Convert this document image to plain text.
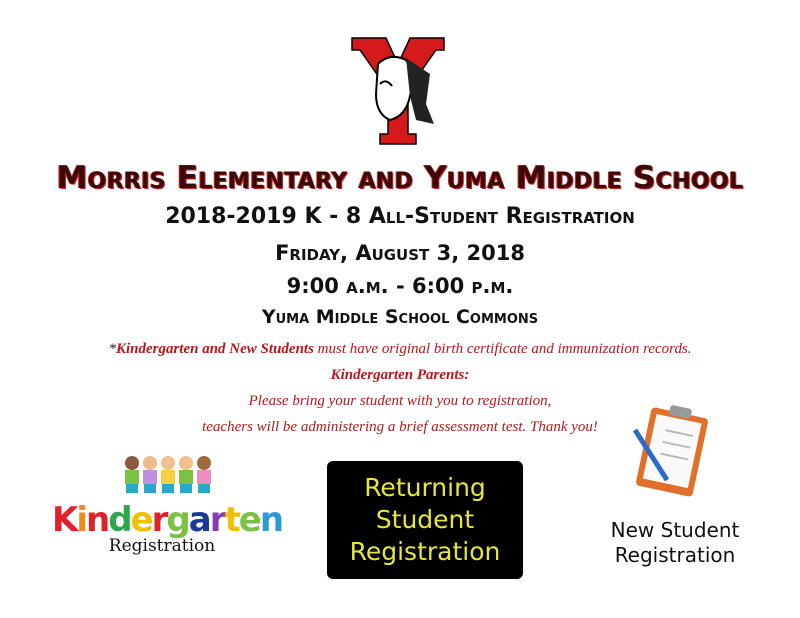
Morris Elementary and Yuma Middle School
2018-2019 K - 8 All-Student Registration
Friday, August 3, 2018
9:00 a.m. - 6:00 p.m.
Yuma Middle School Commons
*Kindergarten and New Students must have original birth certificate and immunization records.
Kindergarten Parents:
Please bring your student with you to registration,
teachers will be administering a brief assessment test. Thank you!
Kindergarten
Registration
Returning
Student
Registration
New Student
Registration
